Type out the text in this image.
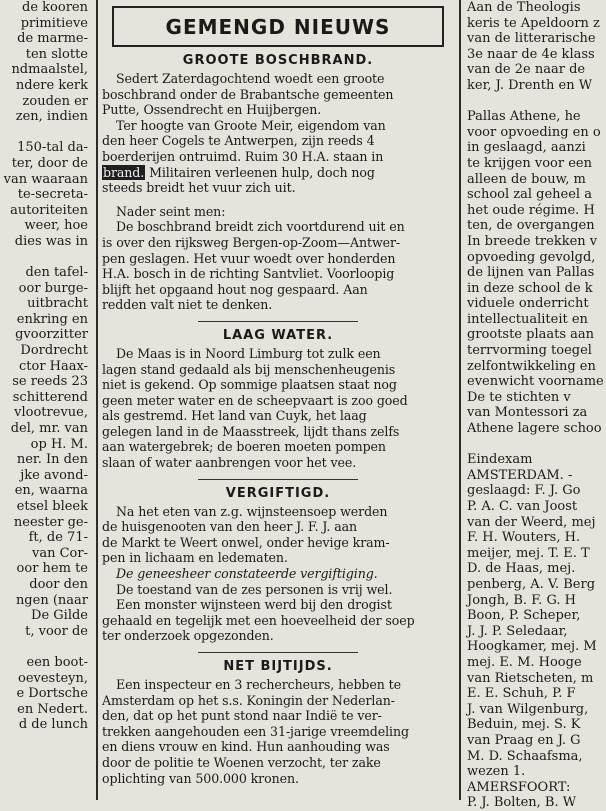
de kooren
primitieve
de marme-
ten slotte
ndmaalstel,
ndere kerk
zouden er
zen, indien

150-tal da-
ter, door de
van waaraan
te-secreta-
autoriteiten
weer, hoe
dies was in

den tafel-
oor burge-
uitbracht
enkring en
gvoorzitter
Dordrecht
ctor Haax-
se reeds 23
schitterend
vlootrevue,
del, mr. van
op H. M.
ner. In den
jke avond-
en, waarna
etsel bleek
neester ge-
ft, de 71-
van Cor-
oor hem te
door den
ngen (naar
De Gilde
t, voor de

een boot-
oevesteyn,
e Dortsche
en Nedert.
d de lunch
GEMENGD NIEUWS
GROOTE BOSCHBRAND.

Sedert Zaterdagochtend woedt een groote

boschbrand onder de Brabantsche gemeenten

Putte, Ossendrecht en Huijbergen.

Ter hoogte van Groote Meir, eigendom van

den heer Cogels te Antwerpen, zijn reeds 4

boerderijen ontruimd. Ruim 30 H.A. staan in

brand. Militairen verleenen hulp, doch nog

steeds breidt het vuur zich uit.

Nader seint men:

De boschbrand breidt zich voortdurend uit en

is over den rijksweg Bergen-op-Zoom—Antwer-

pen geslagen. Het vuur woedt over honderden

H.A. bosch in de richting Santvliet. Voorloopig

blijft het opgaand hout nog gespaard. Aan

redden valt niet te denken.

LAAG WATER.

De Maas is in Noord Limburg tot zulk een

lagen stand gedaald als bij menschenheugenis

niet is gekend. Op sommige plaatsen staat nog

geen meter water en de scheepvaart is zoo goed

als gestremd. Het land van Cuyk, het laag

gelegen land in de Maasstreek, lijdt thans zelfs

aan watergebrek; de boeren moeten pompen

slaan of water aanbrengen voor het vee.

VERGIFTIGD.

Na het eten van z.g. wijnsteensoep werden

de huisgenooten van den heer J. F. J. aan

de Markt te Weert onwel, onder hevige kram-

pen in lichaam en ledematen.

De geneesheer constateerde vergiftiging.

De toestand van de zes personen is vrij wel.

Een monster wijnsteen werd bij den drogist

gehaald en tegelijk met een hoeveelheid der soep

ter onderzoek opgezonden.

NET BIJTIJDS.

Een inspecteur en 3 rechercheurs, hebben te

Amsterdam op het s.s. Koningin der Nederlan-

den, dat op het punt stond naar Indië te ver-

trekken aangehouden een 31-jarige vreemdeling

en diens vrouw en kind. Hun aanhouding was

door de politie te Woenen verzocht, ter zake

oplichting van 500.000 kronen.

Aan de Theologis
keris te Apeldoorn z
van de litterarische
3e naar de 4e klass
van de 2e naar de
ker, J. Drenth en W

Pallas Athene, he
voor opvoeding en o
in geslaagd, aanzi
te krijgen voor een
alleen de bouw, m
school zal geheel a
het oude régime. H
ten, de overgangen
In breede trekken v
opvoeding gevolgd,
de lijnen van Pallas
in deze school de k
viduele onderricht
intellectualiteit en
grootste plaats aan
terrvorming toegel
zelfontwikkeling en
evenwicht voorname
De te stichten v
van Montessori za
Athene lagere schoo

Eindexam
AMSTERDAM. -
geslaagd: F. J. Go
P. A. C. van Joost
van der Weerd, mej
F. H. Wouters, H.
meijer, mej. T. E. T
D. de Haas, mej.
penberg, A. V. Berg
Jongh, B. F. G. H
Boon, P. Scheper,
J. J. P. Seledaar,
Hoogkamer, mej. M
mej. E. M. Hooge
van Rietscheten, m
E. E. Schuh, P. F
J. van Wilgenburg,
Beduin, mej. S. K
van Praag en J. G
M. D. Schaafsma,
wezen 1.
AMERSFOORT:
P. J. Bolten, B. W
